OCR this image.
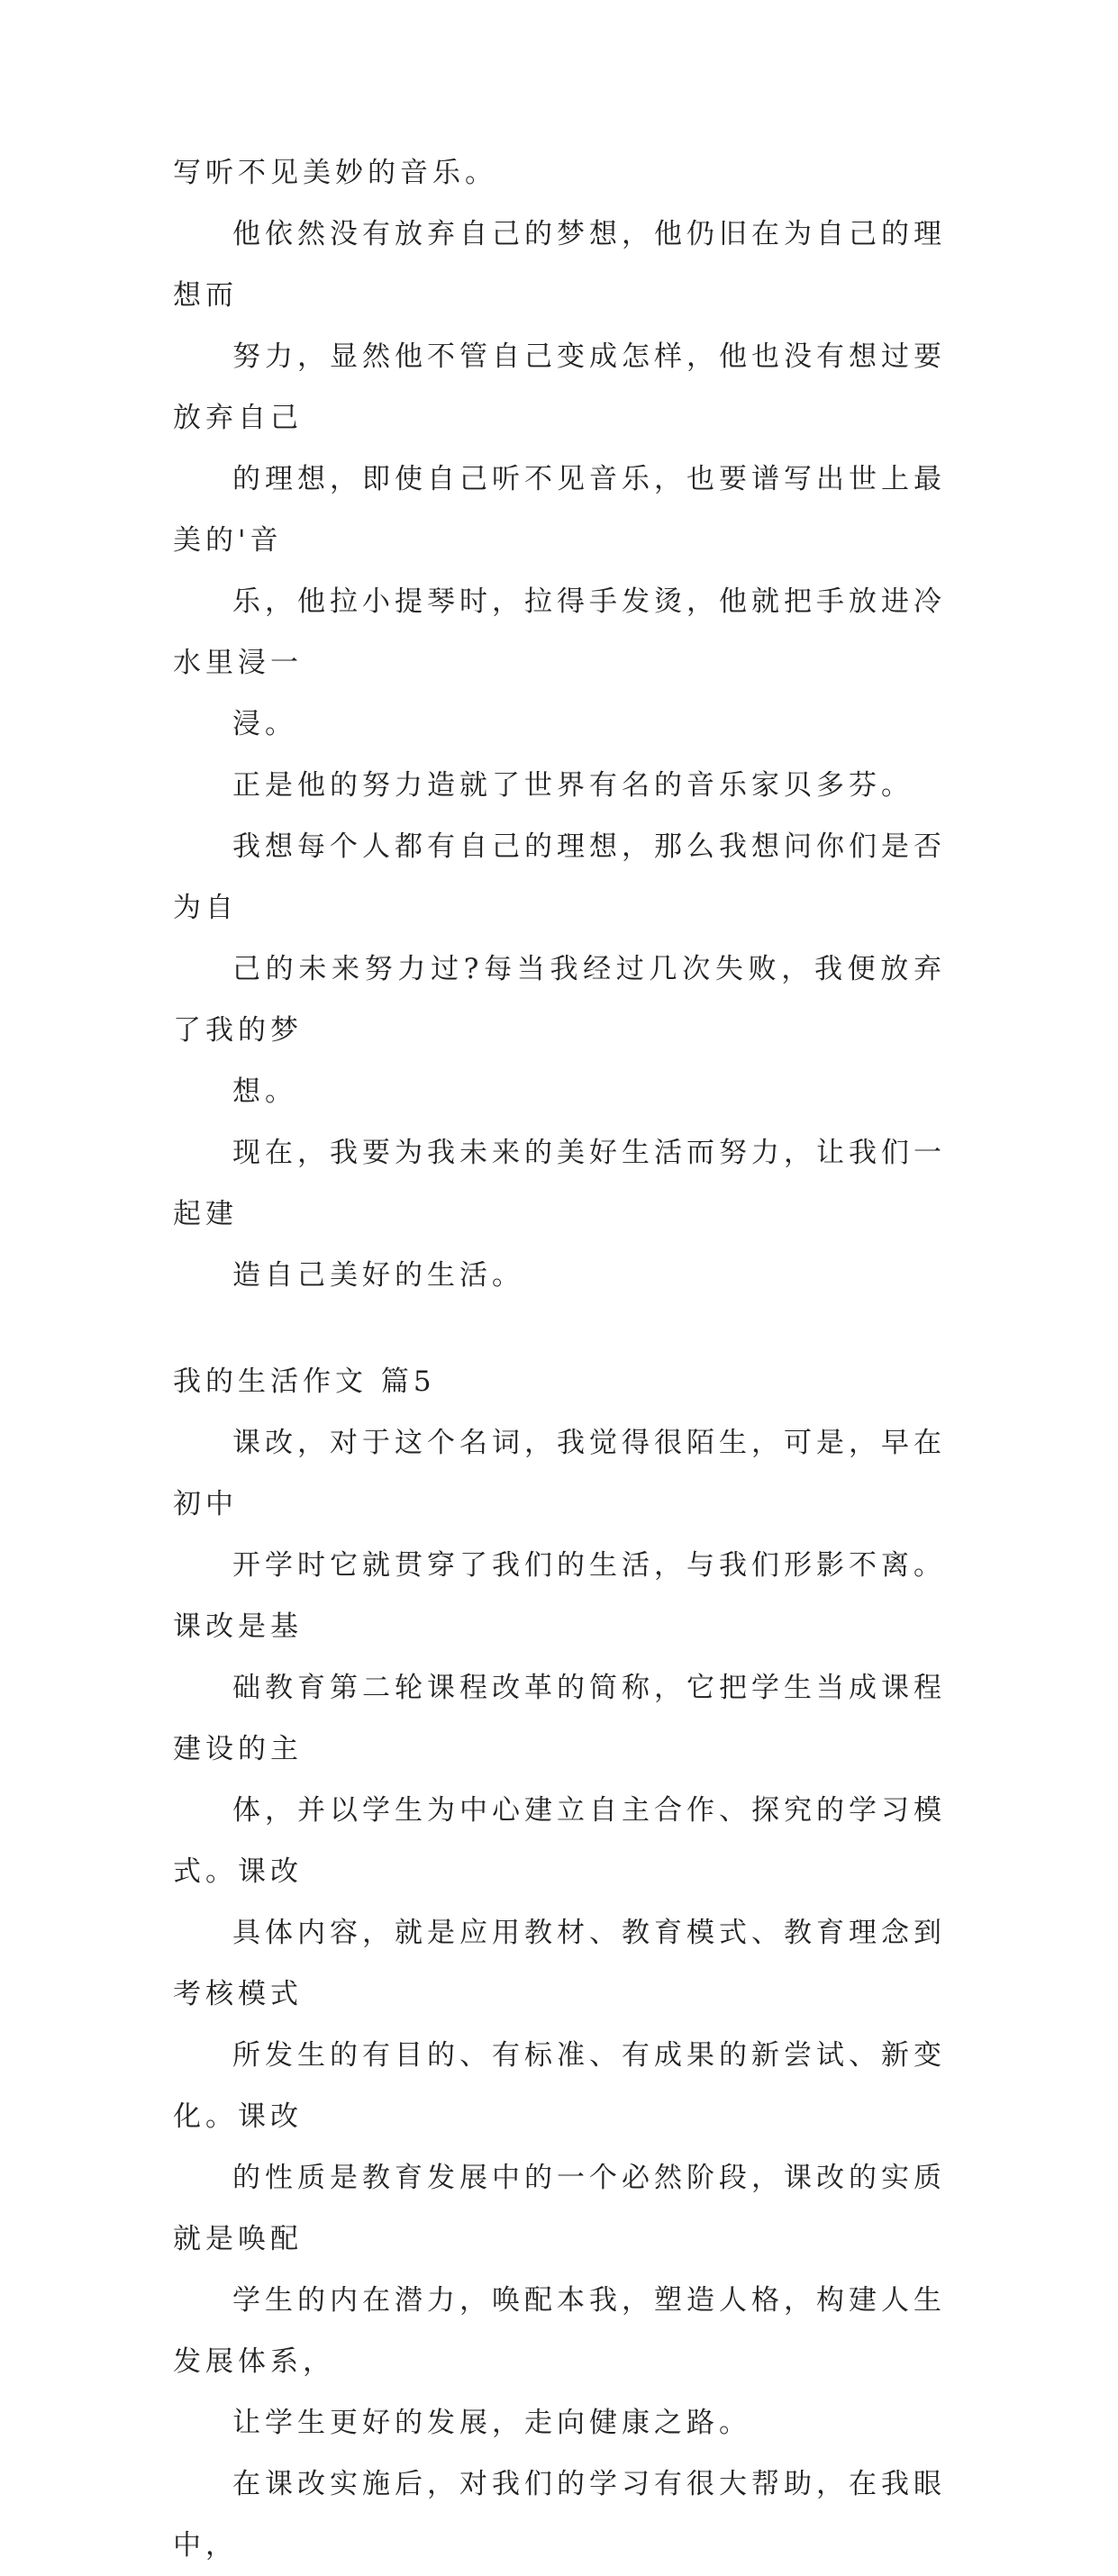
写听不见美妙的音乐。

他依然没有放弃自己的梦想，他仍旧在为自己的理想而
努力，显然他不管自己变成怎样，他也没有想过要放弃自己
的理想，即使自己听不见音乐，也要谱写出世上最美的'音
乐，他拉小提琴时，拉得手发烫，他就把手放进冷水里浸一
浸。

正是他的努力造就了世界有名的音乐家贝多芬。

我想每个人都有自己的理想，那么我想问你们是否为自
己的未来努力过?每当我经过几次失败，我便放弃了我的梦
想。

现在，我要为我未来的美好生活而努力，让我们一起建
造自己美好的生活。

我的生活作文 篇5

课改，对于这个名词，我觉得很陌生，可是，早在初中
开学时它就贯穿了我们的生活，与我们形影不离。课改是基
础教育第二轮课程改革的简称，它把学生当成课程建设的主
体，并以学生为中心建立自主合作、探究的学习模式。课改
具体内容，就是应用教材、教育模式、教育理念到考核模式
所发生的有目的、有标准、有成果的新尝试、新变化。课改
的性质是教育发展中的一个必然阶段，课改的实质就是唤配
学生的内在潜力，唤配本我，塑造人格，构建人生发展体系，
让学生更好的发展，走向健康之路。

在课改实施后，对我们的学习有很大帮助，在我眼中，
